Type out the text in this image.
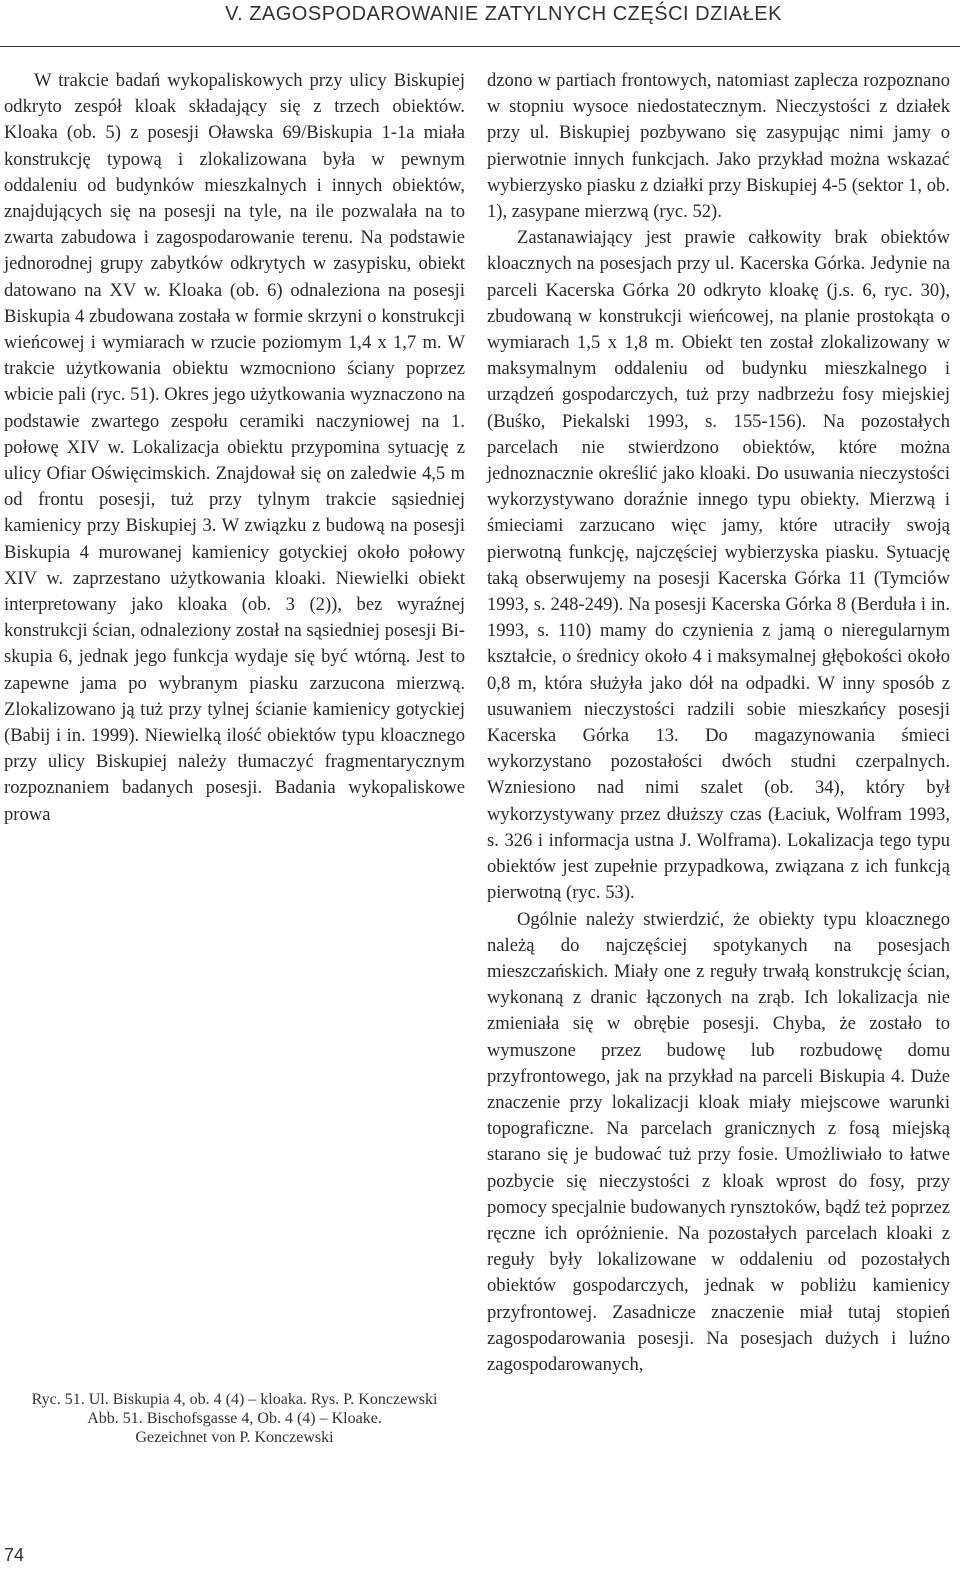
V. ZAGOSPODAROWANIE ZATYLNYCH CZĘŚCI DZIAŁEK

W trakcie badań wykopaliskowych przy ulicy Biskupiej odkryto zespół kloak składający się z trzech obiektów. Kloaka (ob. 5) z posesji Oławska 69/Biskupia 1-1a miała konstrukcję typową i zlokalizowana była w pewnym oddaleniu od budynków mieszkalnych i innych obiektów, znajdujących się na posesji na tyle, na ile pozwalała na to zwarta zabudowa i zagospodarowanie terenu. Na podstawie jednorodnej grupy zabytków odkrytych w zasypisku, obiekt datowano na XV w. Kloaka (ob. 6) odnaleziona na posesji Biskupia 4 zbudowana została w formie skrzyni o konstrukcji wieńcowej i wymiarach w rzucie poziomym 1,4 x 1,7 m. W trakcie użytkowania obiektu wzmocniono ściany poprzez wbicie pali (ryc. 51). Okres jego użytkowania wyznaczono na podstawie zwartego zespołu ceramiki naczyniowej na 1. połowę XIV w. Lokalizacja obiektu przypomina sytuację z ulicy Ofiar Oświęcimskich. Znajdował się on zaledwie 4,5 m od frontu posesji, tuż przy tylnym trakcie sąsiedniej kamienicy przy Biskupiej 3. W związku z budową na posesji Biskupia 4 murowanej kamienicy gotyckiej około połowy XIV w. zaprzestano użytkowania kloaki. Niewielki obiekt interpretowany jako kloaka (ob. 3 (2)), bez wyraźnej konstrukcji ścian, odnaleziony został na sąsiedniej posesji Biskupia 6, jednak jego funkcja wydaje się być wtórną. Jest to zapewne jama po wybranym piasku zarzucona mierzwą. Zlokalizowano ją tuż przy tylnej ścianie kamienicy gotyckiej (Babij i in. 1999). Niewielką ilość obiektów typu kloacznego przy ulicy Biskupiej należy tłumaczyć fragmentarycznym rozpoznaniem badanych posesji. Badania wykopaliskowe prowa

Ryc. 51. Ul. Biskupia 4, ob. 4 (4) – kloaka. Rys. P. Konczewski
Abb. 51. Bischofsgasse 4, Ob. 4 (4) – Kloake.
Gezeichnet von P. Konczewski

dzono w partiach frontowych, natomiast zaplecza rozpoznano w stopniu wysoce niedostatecznym. Nieczystości z działek przy ul. Biskupiej pozbywano się zasypując nimi jamy o pierwotnie innych funkcjach. Jako przykład można wskazać wybierzysko piasku z działki przy Biskupiej 4-5 (sektor 1, ob. 1), zasypane mierzwą (ryc. 52).

Zastanawiający jest prawie całkowity brak obiektów kloacznych na posesjach przy ul. Kacerska Górka. Jedynie na parceli Kacerska Górka 20 odkryto kloakę (j.s. 6, ryc. 30), zbudowaną w konstrukcji wieńcowej, na planie prostokąta o wymiarach 1,5 x 1,8 m. Obiekt ten został zlokalizowany w maksymalnym oddaleniu od budynku mieszkalnego i urządzeń gospodarczych, tuż przy nadbrzeżu fosy miejskiej (Buśko, Piekalski 1993, s. 155-156). Na pozostałych parcelach nie stwierdzono obiektów, które można jednoznacznie określić jako kloaki. Do usuwania nieczystości wykorzystywano doraźnie innego typu obiekty. Mierzwą i śmieciami zarzucano więc jamy, które utraciły swoją pierwotną funkcję, najczęściej wybierzyska piasku. Sytuację taką obserwujemy na posesji Kacerska Górka 11 (Tymciów 1993, s. 248-249). Na posesji Kacerska Górka 8 (Berduła i in. 1993, s. 110) mamy do czynienia z jamą o nieregularnym kształcie, o średnicy około 4 i maksymalnej głębokości około 0,8 m, która służyła jako dół na odpadki. W inny sposób z usuwaniem nieczystości radzili sobie mieszkańcy posesji Kacerska Górka 13. Do magazynowania śmieci wykorzystano pozostałości dwóch studni czerpalnych. Wzniesiono nad nimi szalet (ob. 34), który był wykorzystywany przez dłuższy czas (Łaciuk, Wolfram 1993, s. 326 i informacja ustna J. Wolframa). Lokalizacja tego typu obiektów jest zupełnie przypadkowa, związana z ich funkcją pierwotną (ryc. 53).

Ogólnie należy stwierdzić, że obiekty typu kloacznego należą do najczęściej spotykanych na posesjach mieszczańskich. Miały one z reguły trwałą konstrukcję ścian, wykonaną z dranic łączonych na zrąb. Ich lokalizacja nie zmieniała się w obrębie posesji. Chyba, że zostało to wymuszone przez budowę lub rozbudowę domu przyfrontowego, jak na przykład na parceli Biskupia 4. Duże znaczenie przy lokalizacji kloak miały miejscowe warunki topograficzne. Na parcelach granicznych z fosą miejską starano się je budować tuż przy fosie. Umożliwiało to łatwe pozbycie się nieczystości z kloak wprost do fosy, przy pomocy specjalnie budowanych rynsztoków, bądź też poprzez ręczne ich opróżnienie. Na pozostałych parcelach kloaki z reguły były lokalizowane w oddaleniu od pozostałych obiektów gospodarczych, jednak w pobliżu kamienicy przyfrontowej. Zasadnicze znaczenie miał tutaj stopień zagospodarowania posesji. Na posesjach dużych i luźno zagospodarowanych,

74
